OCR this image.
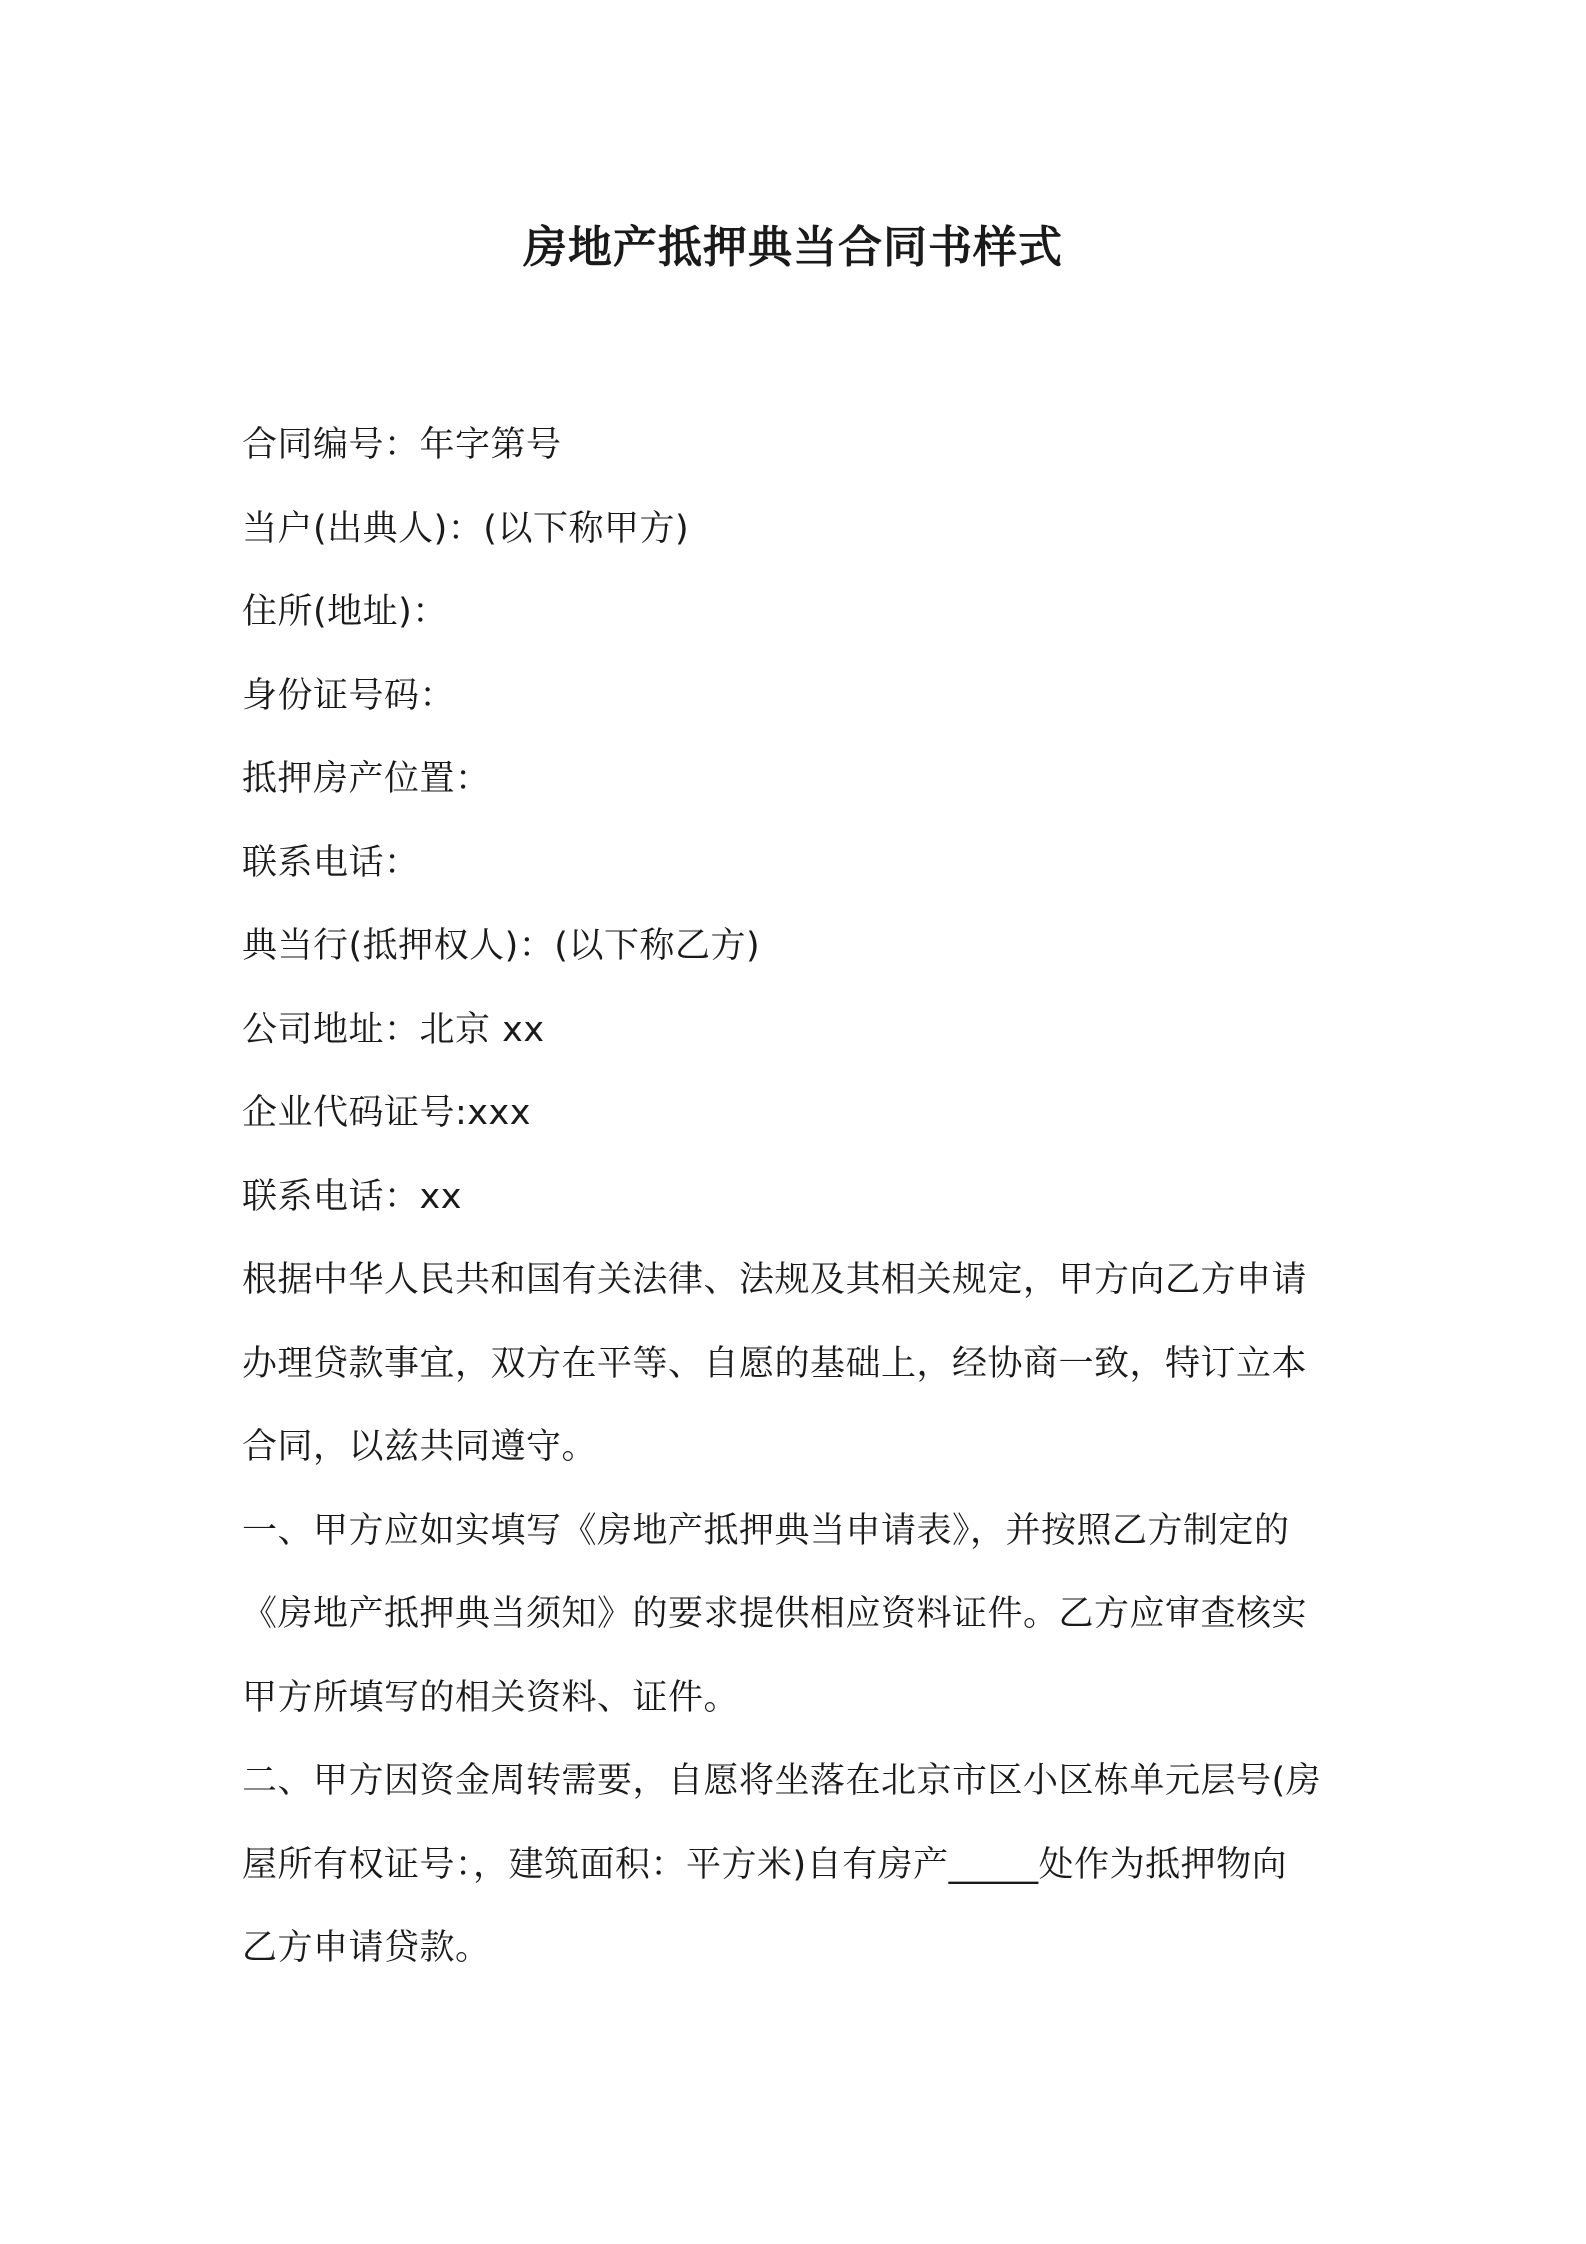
房地产抵押典当合同书样式
合同编号：年字第号
当户(出典人)：(以下称甲方)
住所(地址)：
身份证号码：
抵押房产位置：
联系电话：
典当行(抵押权人)：(以下称乙方)
公司地址：北京 xx
企业代码证号:xxx
联系电话：xx
根据中华人民共和国有关法律、法规及其相关规定，甲方向乙方申请
办理贷款事宜，双方在平等、自愿的基础上，经协商一致，特订立本
合同，以兹共同遵守。
一、甲方应如实填写《房地产抵押典当申请表》，并按照乙方制定的
《房地产抵押典当须知》的要求提供相应资料证件。乙方应审查核实
甲方所填写的相关资料、证件。
二、甲方因资金周转需要，自愿将坐落在北京市区小区栋单元层号(房
屋所有权证号：，建筑面积：平方米)自有房产_____处作为抵押物向
乙方申请贷款。
